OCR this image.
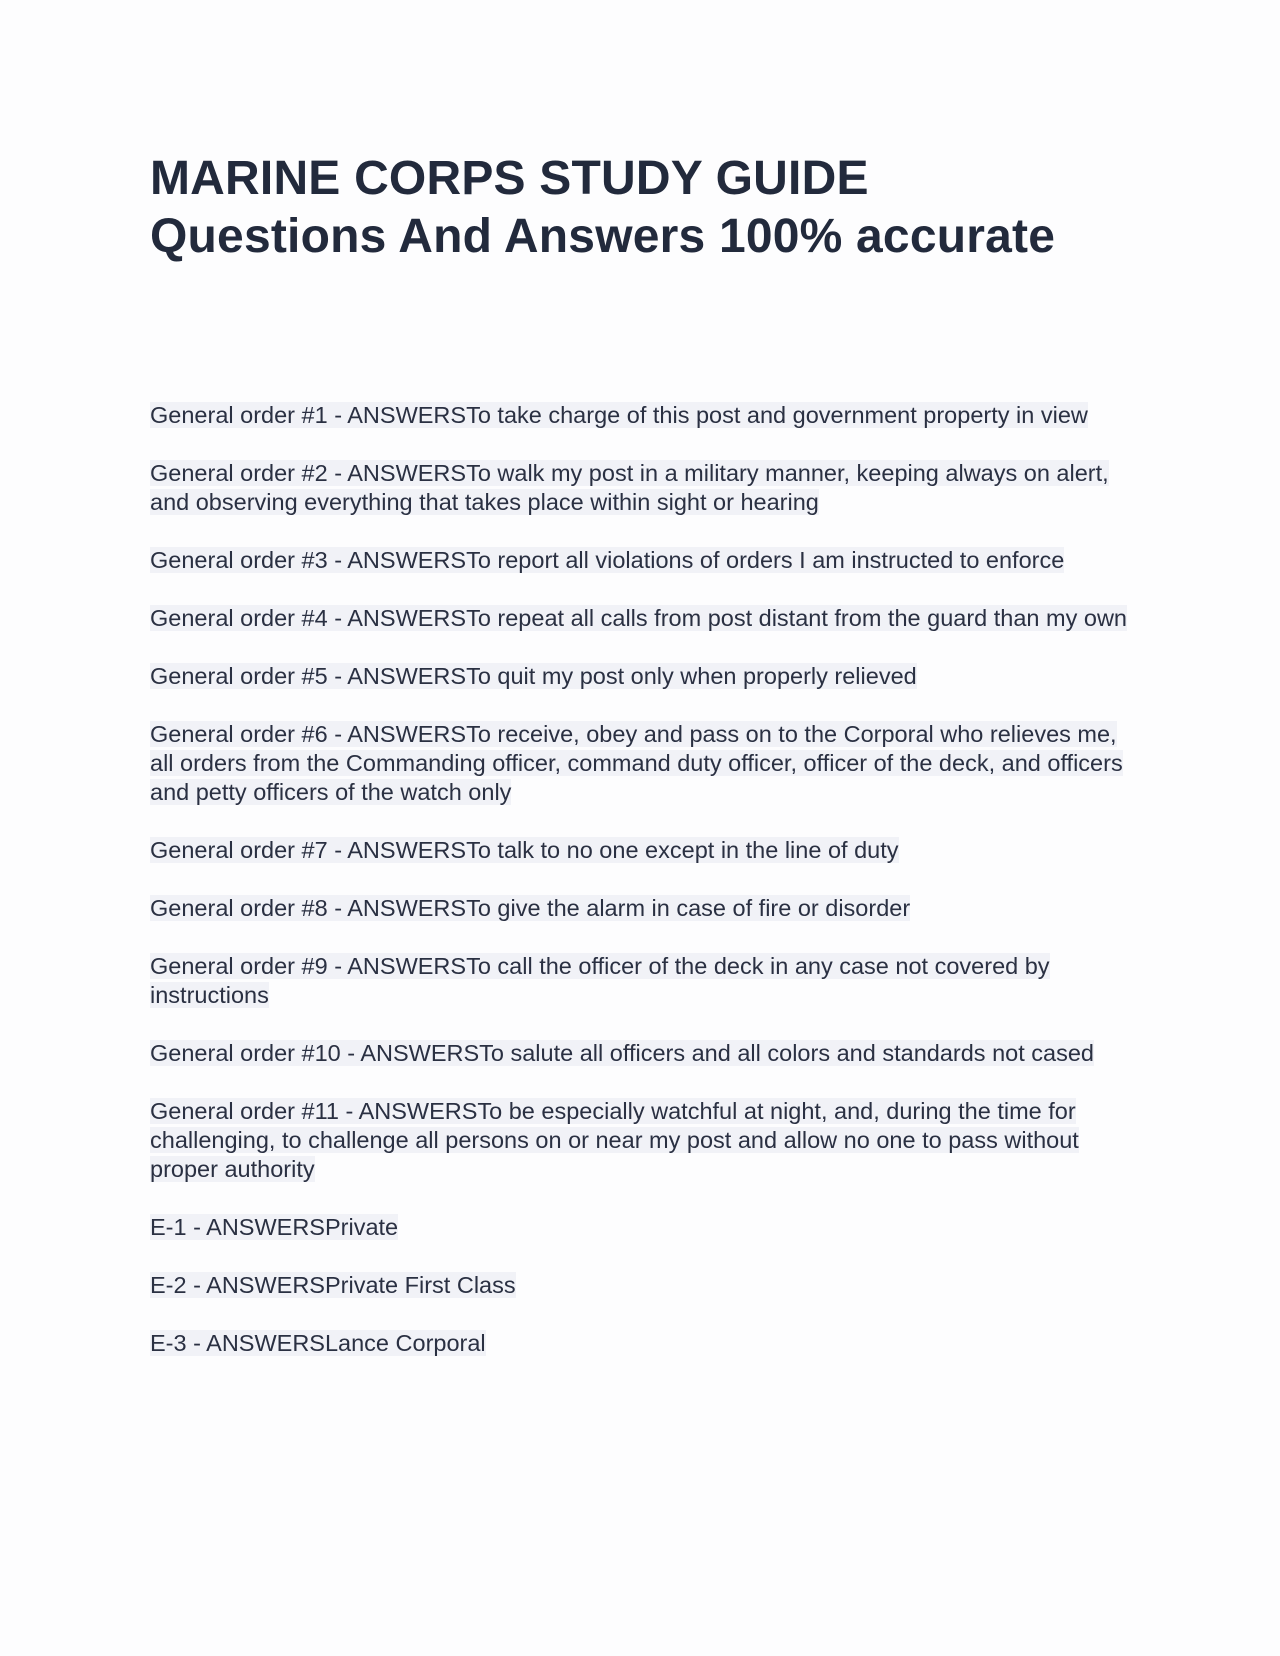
MARINE CORPS STUDY GUIDE
Questions And Answers 100% accurate

General order #1 - ANSWERSTo take charge of this post and government property in view

General order #2 - ANSWERSTo walk my post in a military manner, keeping always on alert, and observing everything that takes place within sight or hearing

General order #3 - ANSWERSTo report all violations of orders I am instructed to enforce

General order #4 - ANSWERSTo repeat all calls from post distant from the guard than my own

General order #5 - ANSWERSTo quit my post only when properly relieved

General order #6 - ANSWERSTo receive, obey and pass on to the Corporal who relieves me, all orders from the Commanding officer, command duty officer, officer of the deck, and officers and petty officers of the watch only

General order #7 - ANSWERSTo talk to no one except in the line of duty

General order #8 - ANSWERSTo give the alarm in case of fire or disorder

General order #9 - ANSWERSTo call the officer of the deck in any case not covered by instructions

General order #10 - ANSWERSTo salute all officers and all colors and standards not cased

General order #11 - ANSWERSTo be especially watchful at night, and, during the time for challenging, to challenge all persons on or near my post and allow no one to pass without proper authority

E-1 - ANSWERSPrivate

E-2 - ANSWERSPrivate First Class

E-3 - ANSWERSLance Corporal
